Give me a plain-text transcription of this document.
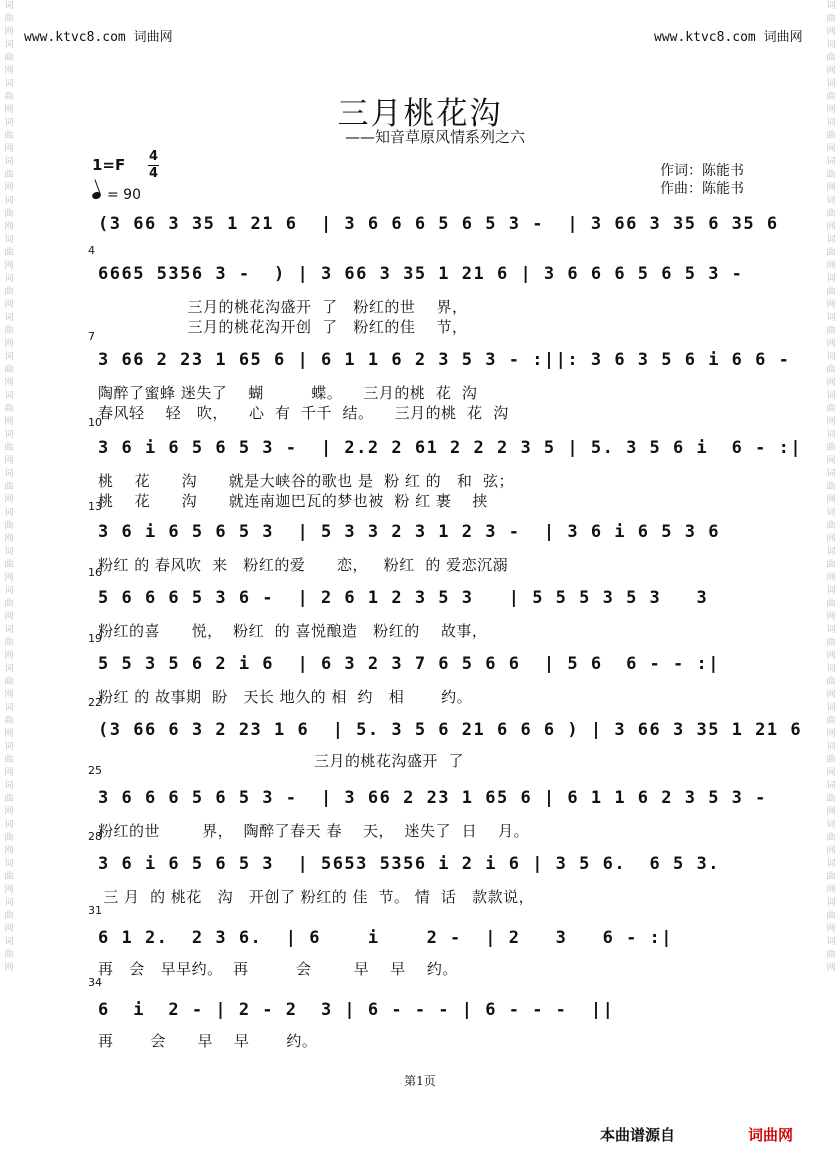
词曲网词曲网词曲网词曲网词曲网词曲网词曲网词曲网词曲网词曲网词曲网词曲网词曲网词曲网词曲网词曲网词曲网词曲网词曲网词曲网词曲网词曲网词曲网词曲网词曲网
词曲网词曲网词曲网词曲网词曲网词曲网词曲网词曲网词曲网词曲网词曲网词曲网词曲网词曲网词曲网词曲网词曲网词曲网词曲网词曲网词曲网词曲网词曲网词曲网词曲网
www.ktvc8.com 词曲网	www.ktvc8.com 词曲网
三月桃花沟
——知音草原风情系列之六
1=F 4
4
= 90
作词：陈能书
作曲：陈能书
(3 66 3 35 1 21 6  | 3 6 6 6 5 6 5 3 -  | 3 66 3 35 6 35 6
4
6665 5356 3 -  ) | 3 66 3 35 1 21 6 | 3 6 6 6 5 6 5 3 -
三月的桃花沟盛开  了   粉红的世    界，
三月的桃花沟开创  了   粉红的佳    节，
7
3 66 2 23 1 65 6 | 6 1 1 6 2 3 5 3 - :||: 3 6 3 5 6 i 6 6 -
陶醉了蜜蜂 迷失了    蝴         蝶。    三月的桃  花  沟
春风轻    轻   吹，    心  有  千千  结。    三月的桃  花  沟
10
3 6 i 6 5 6 5 3 -  | 2.2 2 61 2 2 2 3 5 | 5. 3 5 6 i  6 - :|
桃    花      沟      就是大峡谷的歌也 是  粉 红 的   和  弦；
桃    花      沟      就连南迦巴瓦的梦也被  粉 红 裹    挟
13
3 6 i 6 5 6 5 3  | 5 3 3 2 3 1 2 3 -  | 3 6 i 6 5 3 6
粉红 的 春风吹  来   粉红的爱      恋，   粉红  的 爱恋沉溺
16
5 6 6 6 5 3 6 -  | 2 6 1 2 3 5 3   | 5 5 5 3 5 3   3
粉红的喜      悦，  粉红  的 喜悦酿造   粉红的    故事，
19
5 5 3 5 6 2 i 6  | 6 3 2 3 7 6 5 6 6  | 5 6  6 - - :|
粉红 的 故事期  盼   天长 地久的 相  约   相       约。
22
(3 66 6 3 2 23 1 6  | 5. 3 5 6 21 6 6 6 ) | 3 66 3 35 1 21 6
三月的桃花沟盛开  了
25
3 6 6 6 5 6 5 3 -  | 3 66 2 23 1 65 6 | 6 1 1 6 2 3 5 3 -
粉红的世        界，  陶醉了春天 春    天，  迷失了  日    月。
28
3 6 i 6 5 6 5 3  | 5653 5356 i 2 i 6 | 3 5 6.  6 5 3.
三 月  的 桃花   沟   开创了 粉红的 佳  节。 情  话   款款说，
31
6 1 2.  2 3 6.  | 6    i    2 -  | 2   3   6 - :|
再   会   早早约。  再         会        早    早    约。
34
6  i  2 - | 2 - 2  3 | 6 - - - | 6 - - -  ||
再       会      早    早       约。
第1页
本曲谱源自	词曲网
